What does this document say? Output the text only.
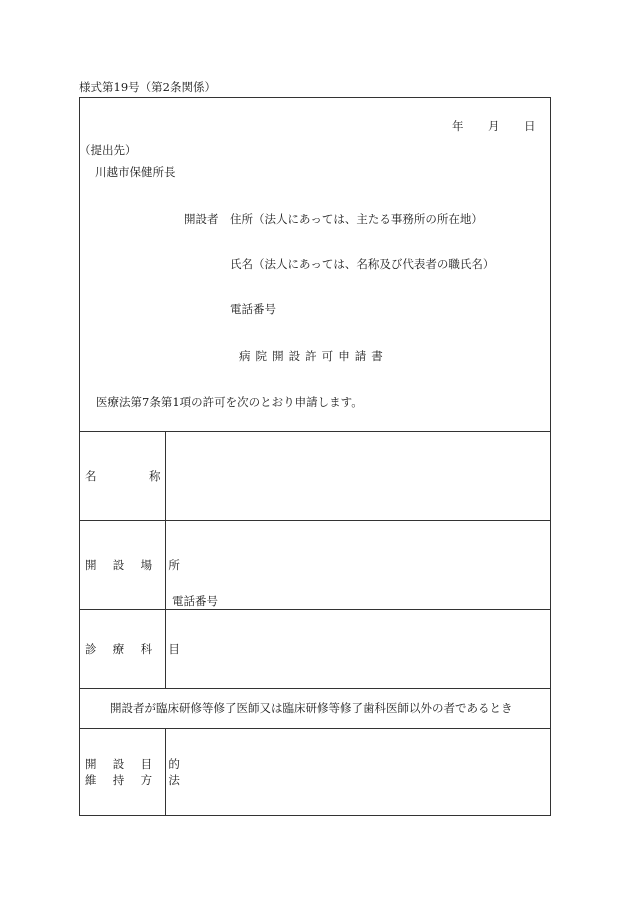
様式第19号（第2条関係）
年 月 日
（提出先）
川越市保健所長
開設者 住所（法人にあっては、主たる事務所の所在地）
氏名（法人にあっては、名称及び代表者の職氏名）
電話番号
病 院 開 設 許 可 申 請 書
医療法第7条第1項の許可を次のとおり申請します。
名	称
開 設 場 所
電話番号
診 療 科 目
開設者が臨床研修等修了医師又は臨床研修等修了歯科医師以外の者であるとき
開 設 目 的
維 持 方 法
